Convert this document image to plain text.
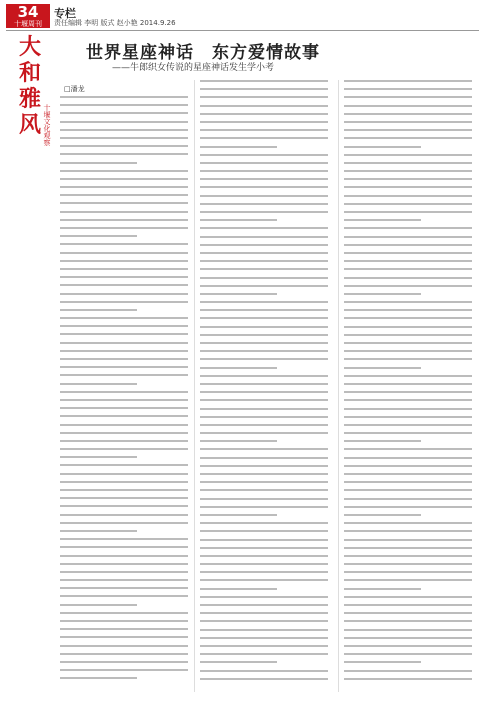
34
十堰周刊
专栏
责任编辑 李明 版式 赵小艳 2014.9.26
大
和
雅
风 十堰文化观察
世界星座神话　东方爱情故事
——牛郎织女传说的星座神话发生学小考
□潘龙
